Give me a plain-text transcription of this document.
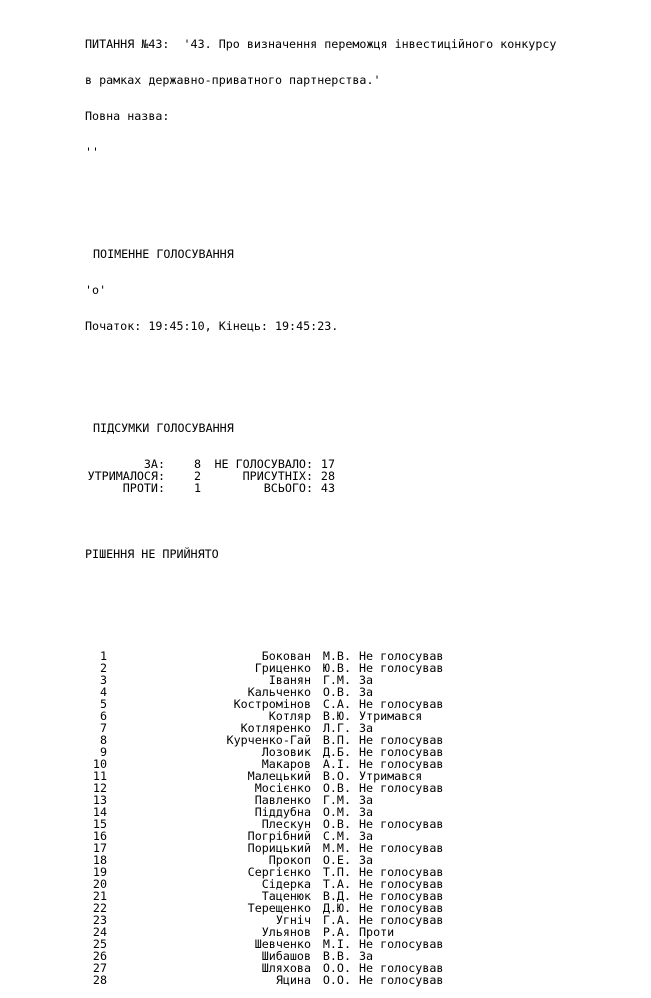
ПИТАННЯ №43:  '43. Про визначення переможця інвестиційного конкурсу

в рамках державно-приватного партнерства.'

Повна назва:

''

ПОІМЕННЕ ГОЛОСУВАННЯ

'о'

Початок: 19:45:10, Кінець: 19:45:23.

ПІДСУМКИ ГОЛОСУВАННЯ

ЗА:	8	НЕ ГОЛОСУВАЛО: 17
УТРИМАЛОСЯ:	2	ПРИСУТНІХ: 28
ПРОТИ:	1	ВСЬОГО: 43

РІШЕННЯ НЕ ПРИЙНЯТО

1	Бокован	М.В. Не голосував
2	Гриценко	Ю.В. Не голосував
3	Іванян	Г.М. За
4	Кальченко	О.В. За
5	Костромінов	С.А. Не голосував
6	Котляр	В.Ю. Утримався
7	Котляренко	Л.Г. За
8	Курченко-Гай	В.П. Не голосував
9	Лозовик	Д.Б. Не голосував
10	Макаров	А.І. Не голосував
11	Малецький	В.О. Утримався
12	Мосієнко	О.В. Не голосував
13	Павленко	Г.М. За
14	Піддубна	О.М. За
15	Плескун	О.В. Не голосував
16	Погрібний	С.М. За
17	Порицький	М.М. Не голосував
18	Прокоп	О.Е. За
19	Сергієнко	Т.П. Не голосував
20	Сідерка	Т.А. Не голосував
21	Таценюк	В.Д. Не голосував
22	Терещенко	Д.Ю. Не голосував
23	Угніч	Г.А. Не голосував
24	Ульянов	Р.А. Проти
25	Шевченко	М.І. Не голосував
26	Шибашов	В.В. За
27	Шляхова	О.О. Не голосував
28	Яцина	О.О. Не голосував
